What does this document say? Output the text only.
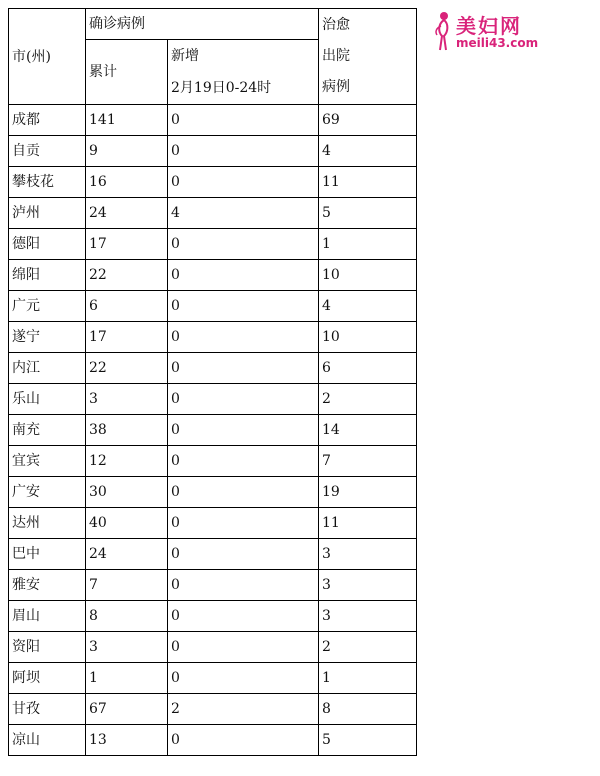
美妇网
meili43.com
市(州)	确诊病例		治愈
出院
病例

	累计	新增
2月19日0-24时	

成都	141	0	69
自贡	9	0	4
攀枝花	16	0	11
泸州	24	4	5
德阳	17	0	1
绵阳	22	0	10
广元	6	0	4
遂宁	17	0	10
内江	22	0	6
乐山	3	0	2
南充	38	0	14
宜宾	12	0	7
广安	30	0	19
达州	40	0	11
巴中	24	0	3
雅安	7	0	3
眉山	8	0	3
资阳	3	0	2
阿坝	1	0	1
甘孜	67	2	8
凉山	13	0	5
